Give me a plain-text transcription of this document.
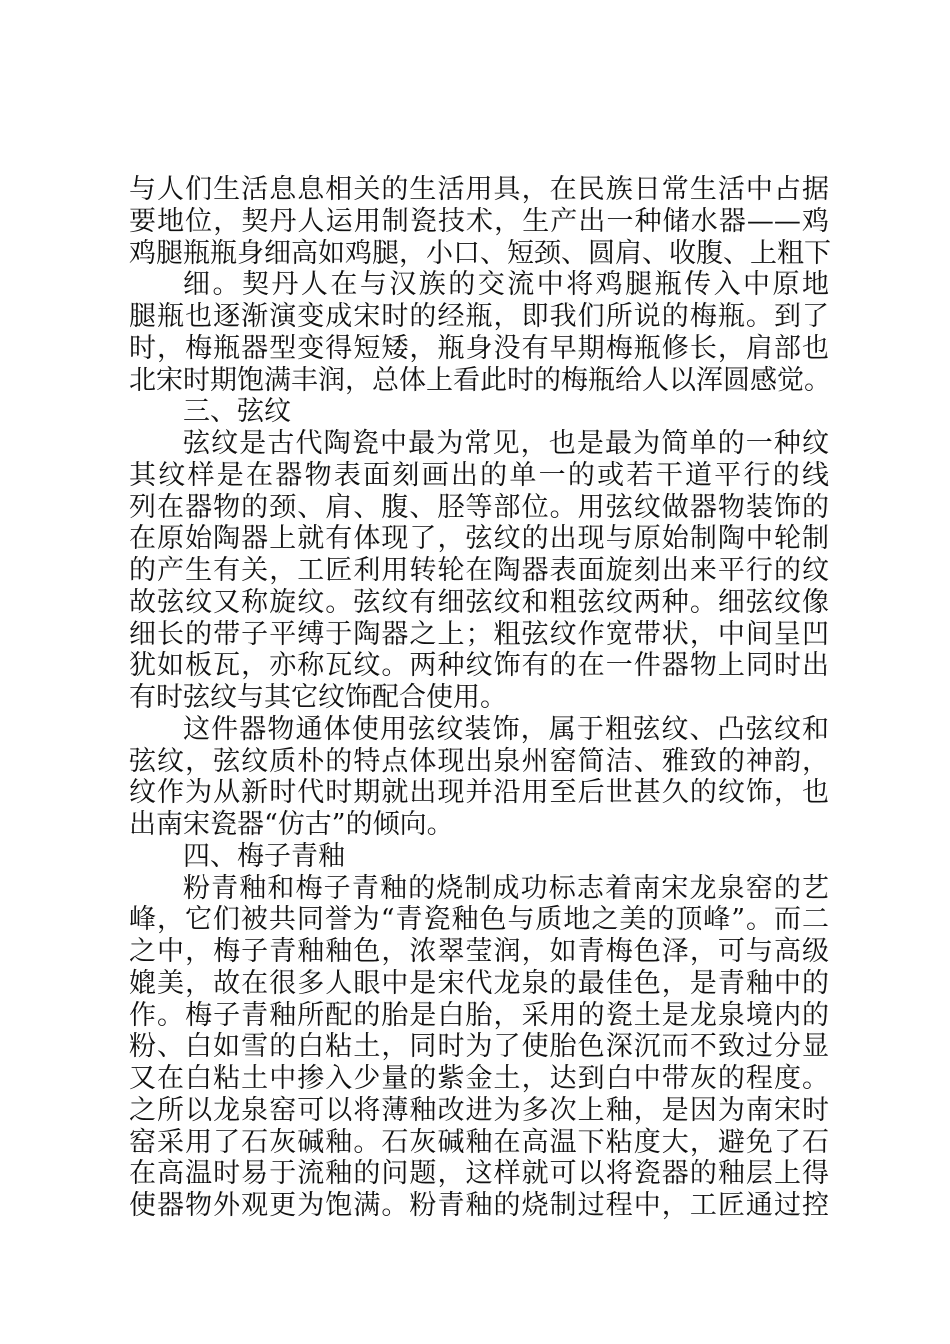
与人们生活息息相关的生活用具，在民族日常生活中占据
要地位，契丹人运用制瓷技术，生产出一种储水器——鸡
鸡腿瓶瓶身细高如鸡腿，小口、短颈、圆肩、收腹、上粗下
细。契丹人在与汉族的交流中将鸡腿瓶传入中原地
腿瓶也逐渐演变成宋时的经瓶，即我们所说的梅瓶。到了
时，梅瓶器型变得短矮，瓶身没有早期梅瓶修长，肩部也
北宋时期饱满丰润，总体上看此时的梅瓶给人以浑圆感觉。
三、弦纹
弦纹是古代陶瓷中最为常见，也是最为简单的一种纹
其纹样是在器物表面刻画出的单一的或若干道平行的线
列在器物的颈、肩、腹、胫等部位。用弦纹做器物装饰的
在原始陶器上就有体现了，弦纹的出现与原始制陶中轮制
的产生有关，工匠利用转轮在陶器表面旋刻出来平行的纹
故弦纹又称旋纹。弦纹有细弦纹和粗弦纹两种。细弦纹像
细长的带子平缚于陶器之上；粗弦纹作宽带状，中间呈凹
犹如板瓦，亦称瓦纹。两种纹饰有的在一件器物上同时出
有时弦纹与其它纹饰配合使用。
这件器物通体使用弦纹装饰，属于粗弦纹、凸弦纹和
弦纹，弦纹质朴的特点体现出泉州窑简洁、雅致的神韵，
纹作为从新时代时期就出现并沿用至后世甚久的纹饰，也
出南宋瓷器“仿古”的倾向。
四、梅子青釉
粉青釉和梅子青釉的烧制成功标志着南宋龙泉窑的艺
峰，它们被共同誉为“青瓷釉色与质地之美的顶峰”。而二
之中，梅子青釉釉色，浓翠莹润，如青梅色泽，可与高级
媲美，故在很多人眼中是宋代龙泉的最佳色，是青釉中的
作。梅子青釉所配的胎是白胎，采用的瓷土是龙泉境内的
粉、白如雪的白粘土，同时为了使胎色深沉而不致过分显
又在白粘土中掺入少量的紫金土，达到白中带灰的程度。
之所以龙泉窑可以将薄釉改进为多次上釉，是因为南宋时
窑采用了石灰碱釉。石灰碱釉在高温下粘度大，避免了石
在高温时易于流釉的问题，这样就可以将瓷器的釉层上得
使器物外观更为饱满。粉青釉的烧制过程中，工匠通过控
